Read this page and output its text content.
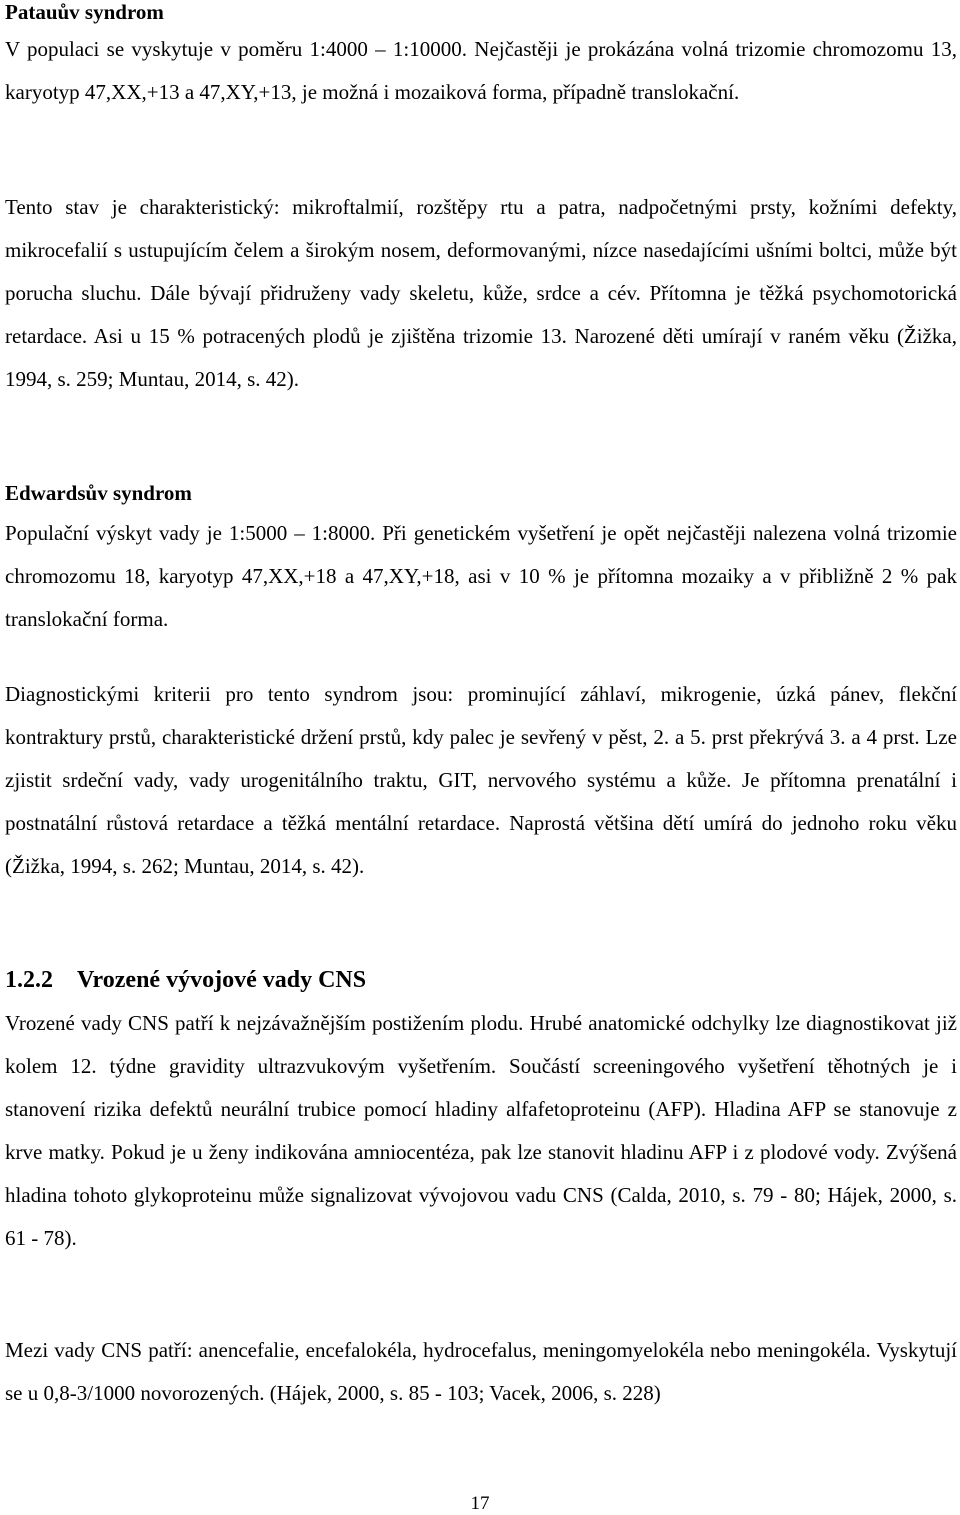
Patauův syndrom

V populaci se vyskytuje v poměru 1:4000 – 1:10000. Nejčastěji je prokázána volná trizomie chromozomu 13, karyotyp 47,XX,+13 a 47,XY,+13, je možná i mozaiková forma, případně translokační.

Tento stav je charakteristický: mikroftalmií, rozštěpy rtu a patra, nadpočetnými prsty, kožními defekty, mikrocefalií s ustupujícím čelem a širokým nosem, deformovanými, nízce nasedajícími ušními boltci, může být porucha sluchu. Dále bývají přidruženy vady skeletu, kůže, srdce a cév. Přítomna je těžká psychomotorická retardace. Asi u 15 % potracených plodů je zjištěna trizomie 13. Narozené děti umírají v raném věku (Žižka, 1994, s. 259; Muntau, 2014, s. 42).

Edwardsův syndrom

Populační výskyt vady je 1:5000 – 1:8000. Při genetickém vyšetření je opět nejčastěji nalezena volná trizomie chromozomu 18, karyotyp 47,XX,+18 a 47,XY,+18, asi v 10 % je přítomna mozaiky a v přibližně 2 % pak translokační forma.

Diagnostickými kriterii pro tento syndrom jsou: prominující záhlaví, mikrogenie, úzká pánev, flekční kontraktury prstů, charakteristické držení prstů, kdy palec je sevřený v pěst, 2. a 5. prst překrývá 3. a 4 prst. Lze zjistit srdeční vady, vady urogenitálního traktu, GIT, nervového systému a kůže. Je přítomna prenatální i postnatální růstová retardace a těžká mentální retardace. Naprostá většina dětí umírá do jednoho roku věku (Žižka, 1994, s. 262; Muntau, 2014, s. 42).

1.2.2 Vrozené vývojové vady CNS

Vrozené vady CNS patří k nejzávažnějším postižením plodu. Hrubé anatomické odchylky lze diagnostikovat již kolem 12. týdne gravidity ultrazvukovým vyšetřením. Součástí screeningového vyšetření těhotných je i stanovení rizika defektů neurální trubice pomocí hladiny alfafetoproteinu (AFP). Hladina AFP se stanovuje z krve matky. Pokud je u ženy indikována amniocentéza, pak lze stanovit hladinu AFP i z plodové vody. Zvýšená hladina tohoto glykoproteinu může signalizovat vývojovou vadu CNS (Calda, 2010, s. 79 - 80; Hájek, 2000, s. 61 - 78).

Mezi vady CNS patří: anencefalie, encefalokéla, hydrocefalus, meningomyelokéla nebo meningokéla. Vyskytují se u 0,8-3/1000 novorozených. (Hájek, 2000, s. 85 - 103; Vacek, 2006, s. 228)

17
